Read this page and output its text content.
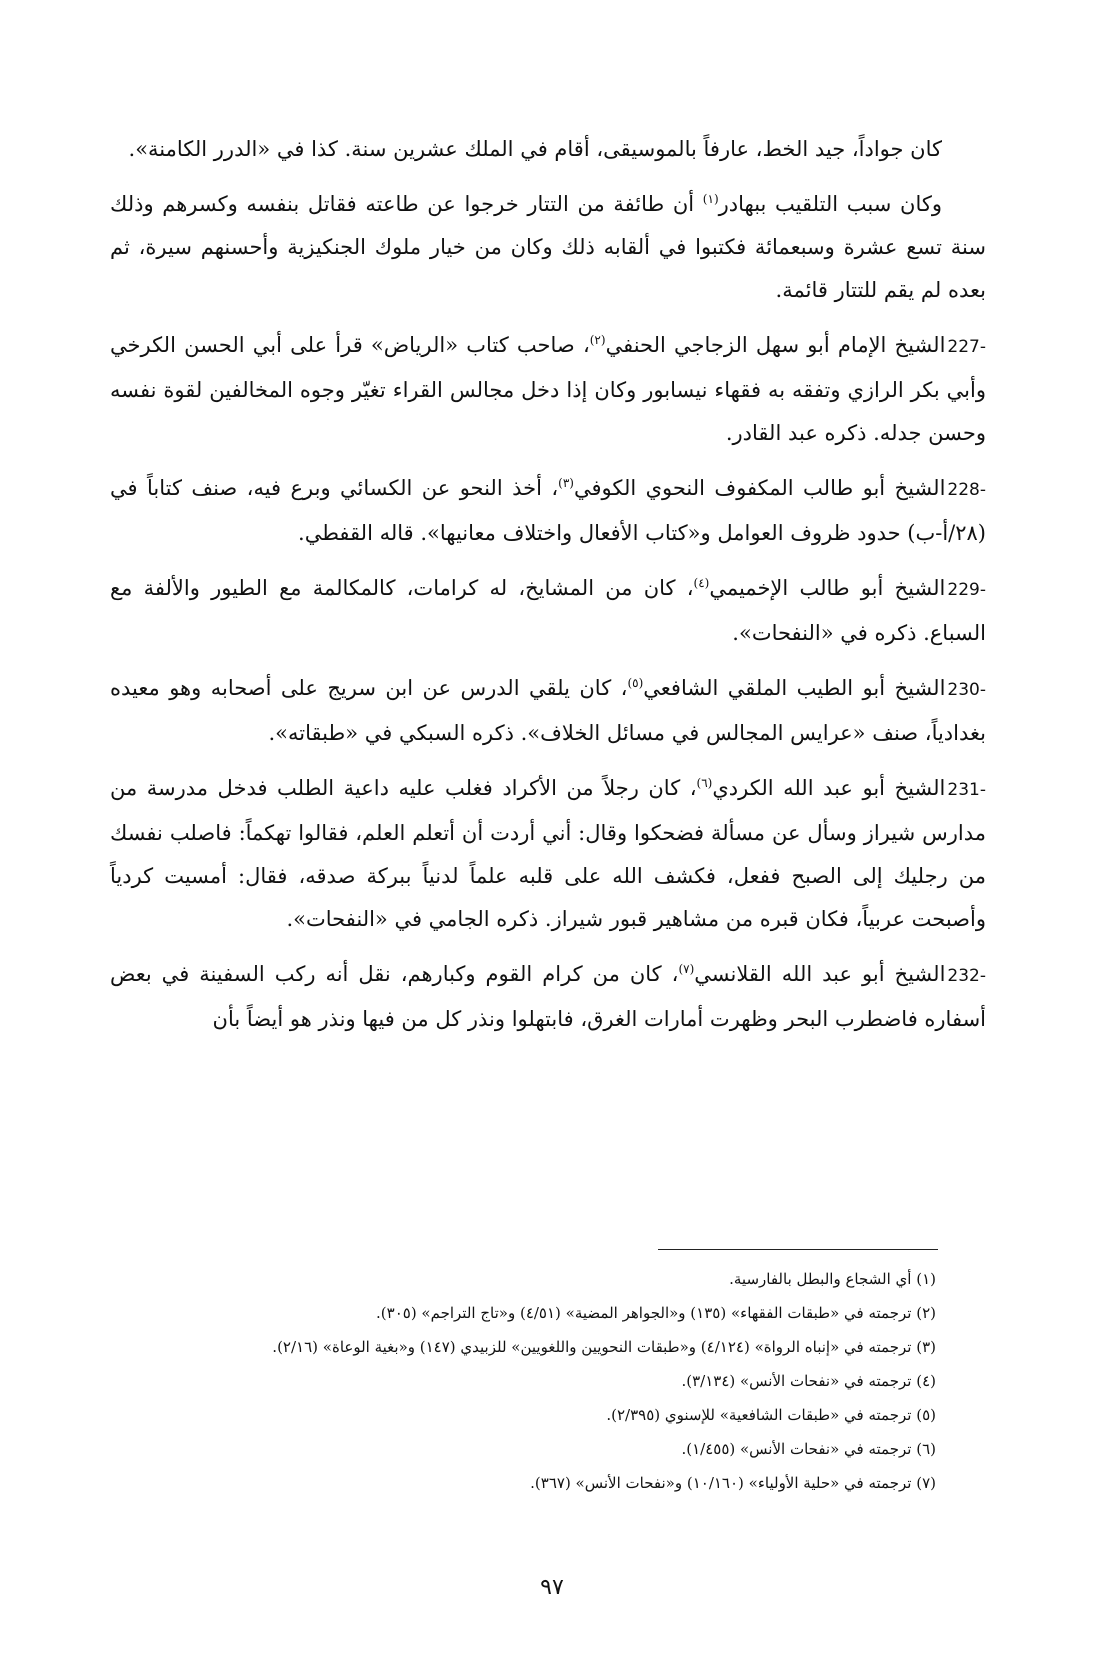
كان جواداً، جيد الخط، عارفاً بالموسيقى، أقام في الملك عشرين سنة. كذا في «الدرر الكامنة».

وكان سبب التلقيب ببهادر$^{(١)}$ أن طائفة من التتار خرجوا عن طاعته فقاتل بنفسه وكسرهم وذلك سنة تسع عشرة وسبعمائة فكتبوا في ألقابه ذلك وكان من خيار ملوك الجنكيزية وأحسنهم سيرة، ثم بعده لم يقم للتتار قائمة.

227-الشيخ الإمام أبو سهل الزجاجي الحنفي$^{(٢)}$، صاحب كتاب «الرياض» قرأ على أبي الحسن الكرخي وأبي بكر الرازي وتفقه به فقهاء نيسابور وكان إذا دخل مجالس القراء تغيّر وجوه المخالفين لقوة نفسه وحسن جدله. ذكره عبد القادر.

228-الشيخ أبو طالب المكفوف النحوي الكوفي$^{(٣)}$، أخذ النحو عن الكسائي وبرع فيه، صنف كتاباً في (٢٨/أ-ب) حدود ظروف العوامل و«كتاب الأفعال واختلاف معانيها». قاله القفطي.

229-الشيخ أبو طالب الإخميمي$^{(٤)}$، كان من المشايخ، له كرامات، كالمكالمة مع الطيور والألفة مع السباع. ذكره في «النفحات».

230-الشيخ أبو الطيب الملقي الشافعي$^{(٥)}$، كان يلقي الدرس عن ابن سريج على أصحابه وهو معيده بغدادياً، صنف «عرايس المجالس في مسائل الخلاف». ذكره السبكي في «طبقاته».

231-الشيخ أبو عبد الله الكردي$^{(٦)}$، كان رجلاً من الأكراد فغلب عليه داعية الطلب فدخل مدرسة من مدارس شيراز وسأل عن مسألة فضحكوا وقال: أني أردت أن أتعلم العلم، فقالوا تهكماً: فاصلب نفسك من رجليك إلى الصبح ففعل، فكشف الله على قلبه علماً لدنياً ببركة صدقه، فقال: أمسيت كردياً وأصبحت عربياً، فكان قبره من مشاهير قبور شيراز. ذكره الجامي في «النفحات».

232-الشيخ أبو عبد الله القلانسي$^{(٧)}$، كان من كرام القوم وكبارهم، نقل أنه ركب السفينة في بعض أسفاره فاضطرب البحر وظهرت أمارات الغرق، فابتهلوا ونذر كل من فيها ونذر هو أيضاً بأن

(١) أي الشجاع والبطل بالفارسية.
(٢) ترجمته في «طبقات الفقهاء» (١٣٥) و«الجواهر المضية» (٤/٥١) و«تاج التراجم» (٣٠٥).
(٣) ترجمته في «إنباه الرواة» (٤/١٢٤) و«طبقات النحويين واللغويين» للزبيدي (١٤٧) و«بغية الوعاة» (٢/١٦).
(٤) ترجمته في «نفحات الأنس» (٣/١٣٤).
(٥) ترجمته في «طبقات الشافعية» للإسنوي (٢/٣٩٥).
(٦) ترجمته في «نفحات الأنس» (١/٤٥٥).
(٧) ترجمته في «حلية الأولياء» (١٠/١٦٠) و«نفحات الأنس» (٣٦٧).
٩٧
